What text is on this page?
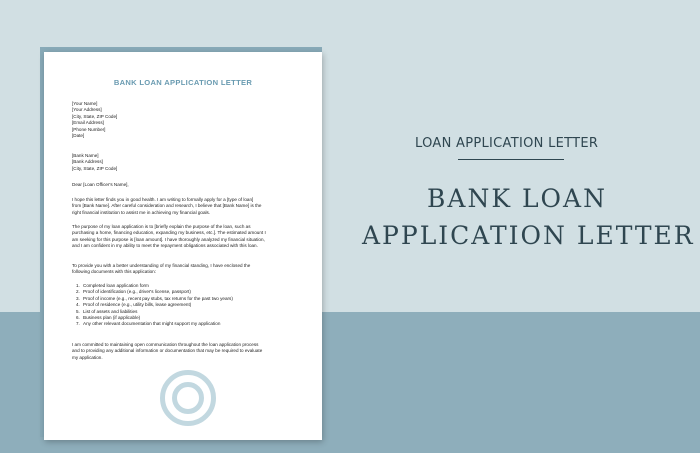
BANK LOAN APPLICATION LETTER
[Your Name]
[Your Address]
[City, State, ZIP Code]
[Email Address]
[Phone Number]
[Date]
[Bank Name]
[Bank Address]
[City, State, ZIP Code]
Dear [Loan Officer's Name],
I hope this letter finds you in good health. I am writing to formally apply for a [type of loan]
from [Bank Name]. After careful consideration and research, I believe that [Bank Name] is the
right financial institution to assist me in achieving my financial goals.
The purpose of my loan application is to [briefly explain the purpose of the loan, such as
purchasing a home, financing education, expanding my business, etc.]. The estimated amount I
am seeking for this purpose is [loan amount]. I have thoroughly analyzed my financial situation,
and I am confident in my ability to meet the repayment obligations associated with this loan.
To provide you with a better understanding of my financial standing, I have enclosed the
following documents with this application:
1. Completed loan application form
2. Proof of identification (e.g., driver's license, passport)
3. Proof of income (e.g., recent pay stubs, tax returns for the past two years)
4. Proof of residence (e.g., utility bills, lease agreement)
5. List of assets and liabilities
6. Business plan (if applicable)
7. Any other relevant documentation that might support my application
I am committed to maintaining open communication throughout the loan application process
and to providing any additional information or documentation that may be required to evaluate
my application.
LOAN APPLICATION LETTER
BANK LOAN
APPLICATION LETTER
